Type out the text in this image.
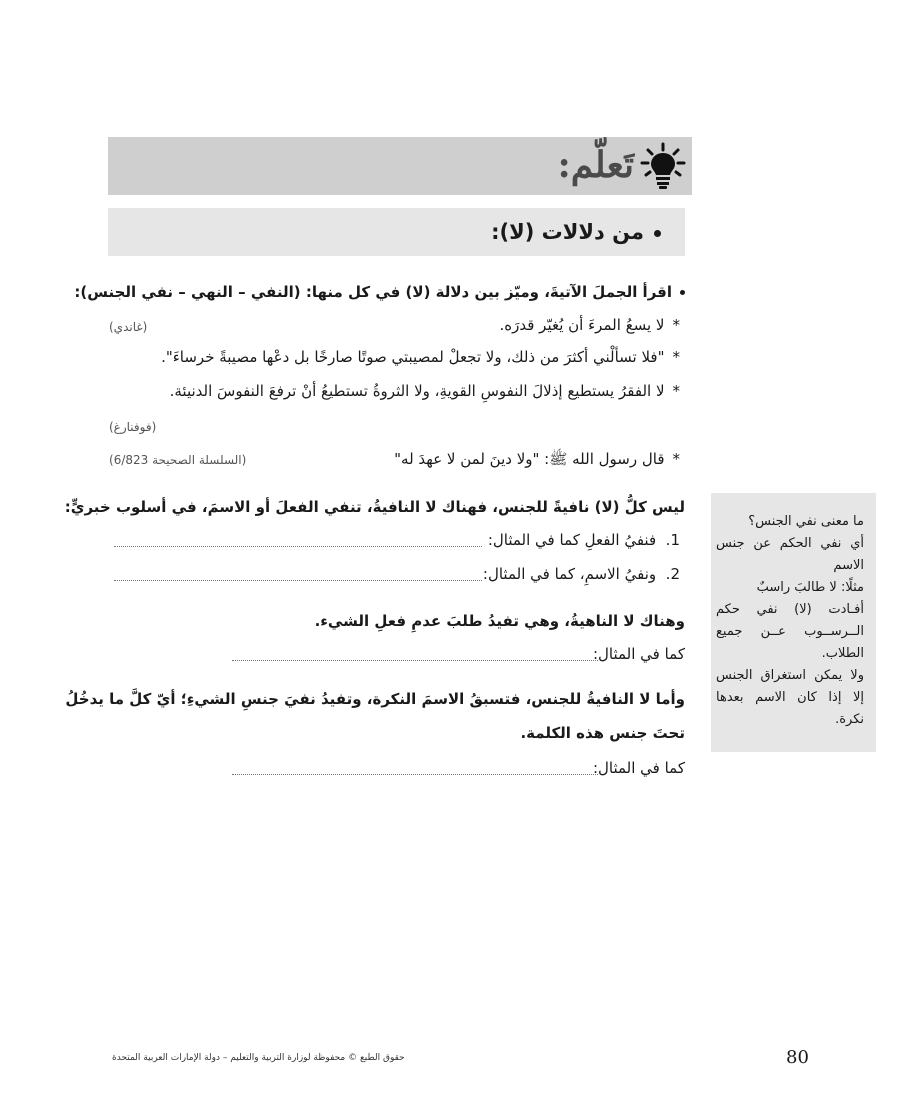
تَعلّم:
من دلالات (لا):
اقرأ الجملَ الآتيةَ، وميّز بين دلالة (لا) في كل منها: (النفي – النهي – نفي الجنس):
*لا يسعُ المرءَ أن يُغيّر قدرَه.
(غاندي)
*"فلا تسألْني أكثرَ من ذلك، ولا تجعلْ لمصيبتي صوتًا صارخًا بل دعْها مصيبةً خرساءَ".
*لا الفقرُ يستطيع إذلالَ النفوسِ القويةِ، ولا الثروةُ تستطيعُ أنْ ترفعَ النفوسَ الدنيئة.
(فوفنارغ)
*قال رسول الله ﷺ: "ولا دينَ لمن لا عهدَ له"
(السلسلة الصحيحة 6/823)
ليس كلُّ (لا) نافيةً للجنس، فهناك لا النافيةُ، تنفي الفعلَ أو الاسمَ، في أسلوب خبريٍّ:
1.  فنفيُ الفعلِ كما في المثال:
2.  ونفيُ الاسمِ، كما في المثال:
وهناك لا الناهيةُ، وهي تفيدُ طلبَ عدمِ فعلِ الشيء.
كما في المثال:
وأما لا النافيةُ للجنس، فتسبقُ الاسمَ النكرة، وتفيدُ نفيَ جنسِ الشيءِ؛ أيّ كلَّ ما يدخُلُ
تحتَ جنس هذه الكلمة.
كما في المثال:
ما معنى نفي الجنس؟
أي نفي الحكم عن جنس الاسم
مثلًا: لا طالبَ راسبٌ
أفـادت (لا) نفي حكم الــرســوب عــن جميع الطلاب.
ولا يمكن استغراق الجنس إلا إذا كان الاسم بعدها نكرة.
80
حقوق الطبع © محفوظة لوزارة التربية والتعليم – دولة الإمارات العربية المتحدة
